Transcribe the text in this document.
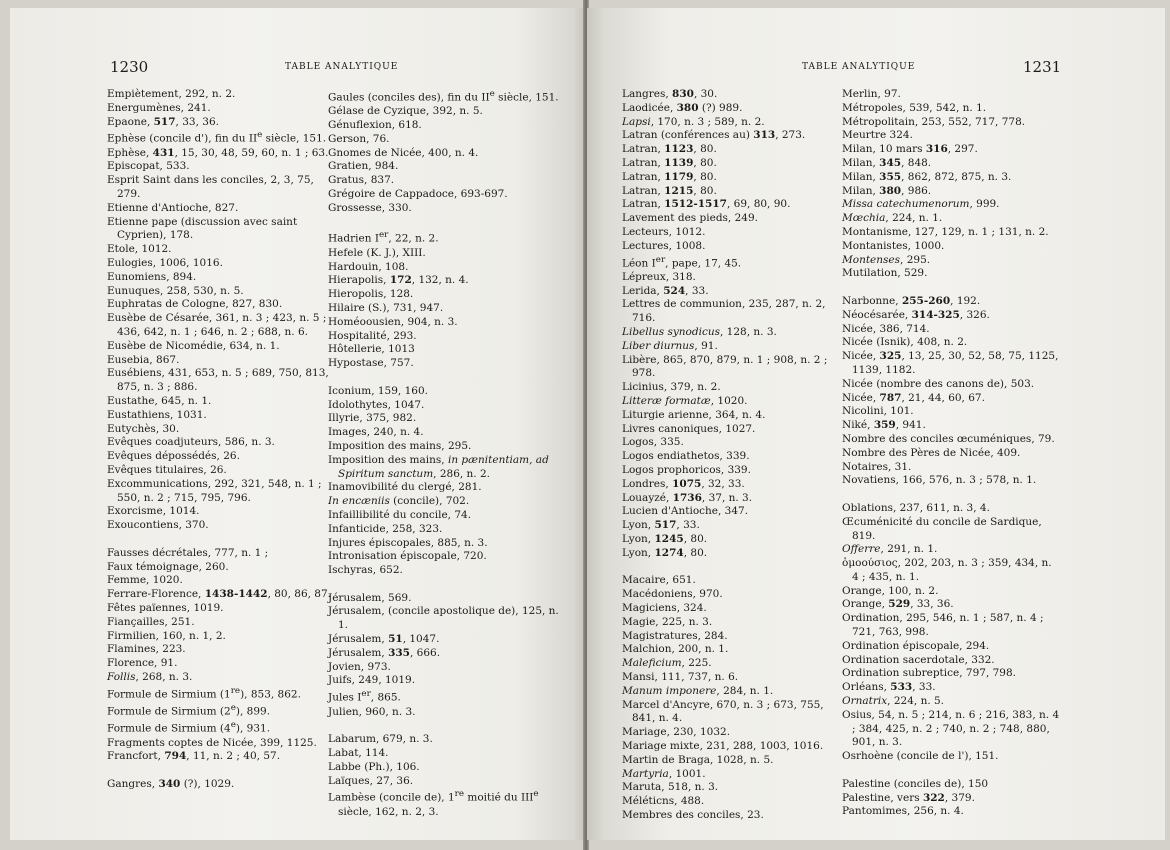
1230	TABLE ANALYTIQUE
Empiètement, 292, n. 2.
Energumènes, 241.
Epaone, 517, 33, 36.
Ephèse (concile d'), fin du IIe siècle, 151.
Ephèse, 431, 15, 30, 48, 59, 60, n. 1 ; 63.
Episcopat, 533.
Esprit Saint dans les conciles, 2, 3, 75, 279.
Etienne d'Antioche, 827.
Etienne pape (discussion avec saint Cyprien), 178.
Etole, 1012.
Eulogies, 1006, 1016.
Eunomiens, 894.
Eunuques, 258, 530, n. 5.
Euphratas de Cologne, 827, 830.
Eusèbe de Césarée, 361, n. 3 ; 423, n. 5 ; 436, 642, n. 1 ; 646, n. 2 ; 688, n. 6.
Eusèbe de Nicomédie, 634, n. 1.
Eusebia, 867.
Eusébiens, 431, 653, n. 5 ; 689, 750, 813, 875, n. 3 ; 886.
Eustathe, 645, n. 1.
Eustathiens, 1031.
Eutychès, 30.
Evêques coadjuteurs, 586, n. 3.
Evêques dépossédés, 26.
Evêques titulaires, 26.
Excommunications, 292, 321, 548, n. 1 ; 550, n. 2 ; 715, 795, 796.
Exorcisme, 1014.
Exoucontiens, 370.
Fausses décrétales, 777, n. 1 ;
Faux témoignage, 260.
Femme, 1020.
Ferrare-Florence, 1438-1442, 80, 86, 87.
Fêtes païennes, 1019.
Fiançailles, 251.
Firmilien, 160, n. 1, 2.
Flamines, 223.
Florence, 91.
Follis, 268, n. 3.
Formule de Sirmium (1re), 853, 862.
Formule de Sirmium (2e), 899.
Formule de Sirmium (4e), 931.
Fragments coptes de Nicée, 399, 1125.
Francfort, 794, 11, n. 2 ; 40, 57.
Gangres, 340 (?), 1029.
Gaules (conciles des), fin du IIe siècle, 151.
Gélase de Cyzique, 392, n. 5.
Génuflexion, 618.
Gerson, 76.
Gnomes de Nicée, 400, n. 4.
Gratien, 984.
Gratus, 837.
Grégoire de Cappadoce, 693-697.
Grossesse, 330.
Hadrien Ier, 22, n. 2.
Hefele (K. J.), XIII.
Hardouin, 108.
Hierapolis, 172, 132, n. 4.
Hieropolis, 128.
Hilaire (S.), 731, 947.
Homéoousien, 904, n. 3.
Hospitalité, 293.
Hôtellerie, 1013
Hypostase, 757.
Iconium, 159, 160.
Idolothytes, 1047.
Illyrie, 375, 982.
Images, 240, n. 4.
Imposition des mains, 295.
Imposition des mains, in pænitentiam, ad Spiritum sanctum, 286, n. 2.
Inamovibilité du clergé, 281.
In encæniis (concile), 702.
Infaillibilité du concile, 74.
Infanticide, 258, 323.
Injures épiscopales, 885, n. 3.
Intronisation épiscopale, 720.
Ischyras, 652.
Jérusalem, 569.
Jérusalem, (concile apostolique de), 125, n. 1.
Jérusalem, 51, 1047.
Jérusalem, 335, 666.
Jovien, 973.
Juifs, 249, 1019.
Jules Ier, 865.
Julien, 960, n. 3.
Labarum, 679, n. 3.
Labat, 114.
Labbe (Ph.), 106.
Laïques, 27, 36.
Lambèse (concile de), 1re moitié du IIIe siècle, 162, n. 2, 3.
TABLE ANALYTIQUE	1231
Langres, 830, 30.
Laodicée, 380 (?) 989.
Lapsi, 170, n. 3 ; 589, n. 2.
Latran (conférences au) 313, 273.
Latran, 1123, 80.
Latran, 1139, 80.
Latran, 1179, 80.
Latran, 1215, 80.
Latran, 1512-1517, 69, 80, 90.
Lavement des pieds, 249.
Lecteurs, 1012.
Lectures, 1008.
Léon Ier, pape, 17, 45.
Lépreux, 318.
Lerida, 524, 33.
Lettres de communion, 235, 287, n. 2, 716.
Libellus synodicus, 128, n. 3.
Liber diurnus, 91.
Libère, 865, 870, 879, n. 1 ; 908, n. 2 ; 978.
Licinius, 379, n. 2.
Litteræ formatæ, 1020.
Liturgie arienne, 364, n. 4.
Livres canoniques, 1027.
Logos, 335.
Logos endiathetos, 339.
Logos prophoricos, 339.
Londres, 1075, 32, 33.
Louayzé, 1736, 37, n. 3.
Lucien d'Antioche, 347.
Lyon, 517, 33.
Lyon, 1245, 80.
Lyon, 1274, 80.
Macaire, 651.
Macédoniens, 970.
Magiciens, 324.
Magie, 225, n. 3.
Magistratures, 284.
Malchion, 200, n. 1.
Maleficium, 225.
Mansi, 111, 737, n. 6.
Manum imponere, 284, n. 1.
Marcel d'Ancyre, 670, n. 3 ; 673, 755, 841, n. 4.
Mariage, 230, 1032.
Mariage mixte, 231, 288, 1003, 1016.
Martin de Braga, 1028, n. 5.
Martyria, 1001.
Maruta, 518, n. 3.
Méléticns, 488.
Membres des conciles, 23.
Merlin, 97.
Métropoles, 539, 542, n. 1.
Métropolitain, 253, 552, 717, 778.
Meurtre 324.
Milan, 10 mars 316, 297.
Milan, 345, 848.
Milan, 355, 862, 872, 875, n. 3.
Milan, 380, 986.
Missa catechumenorum, 999.
Mœchia, 224, n. 1.
Montanisme, 127, 129, n. 1 ; 131, n. 2.
Montanistes, 1000.
Montenses, 295.
Mutilation, 529.
Narbonne, 255-260, 192.
Néocésarée, 314-325, 326.
Nicée, 386, 714.
Nicée (Isnik), 408, n. 2.
Nicée, 325, 13, 25, 30, 52, 58, 75, 1125, 1139, 1182.
Nicée (nombre des canons de), 503.
Nicée, 787, 21, 44, 60, 67.
Nicolini, 101.
Niké, 359, 941.
Nombre des conciles œcuméniques, 79.
Nombre des Pères de Nicée, 409.
Notaires, 31.
Novatiens, 166, 576, n. 3 ; 578, n. 1.
Oblations, 237, 611, n. 3, 4.
Œcuménicité du concile de Sardique, 819.
Offerre, 291, n. 1.
ὁμοούσιος, 202, 203, n. 3 ; 359, 434, n. 4 ; 435, n. 1.
Orange, 100, n. 2.
Orange, 529, 33, 36.
Ordination, 295, 546, n. 1 ; 587, n. 4 ; 721, 763, 998.
Ordination épiscopale, 294.
Ordination sacerdotale, 332.
Ordination subreptice, 797, 798.
Orléans, 533, 33.
Ornatrix, 224, n. 5.
Osius, 54, n. 5 ; 214, n. 6 ; 216, 383, n. 4 ; 384, 425, n. 2 ; 740, n. 2 ; 748, 880, 901, n. 3.
Osrhoène (concile de l'), 151.
Palestine (conciles de), 150
Palestine, vers 322, 379.
Pantomimes, 256, n. 4.
